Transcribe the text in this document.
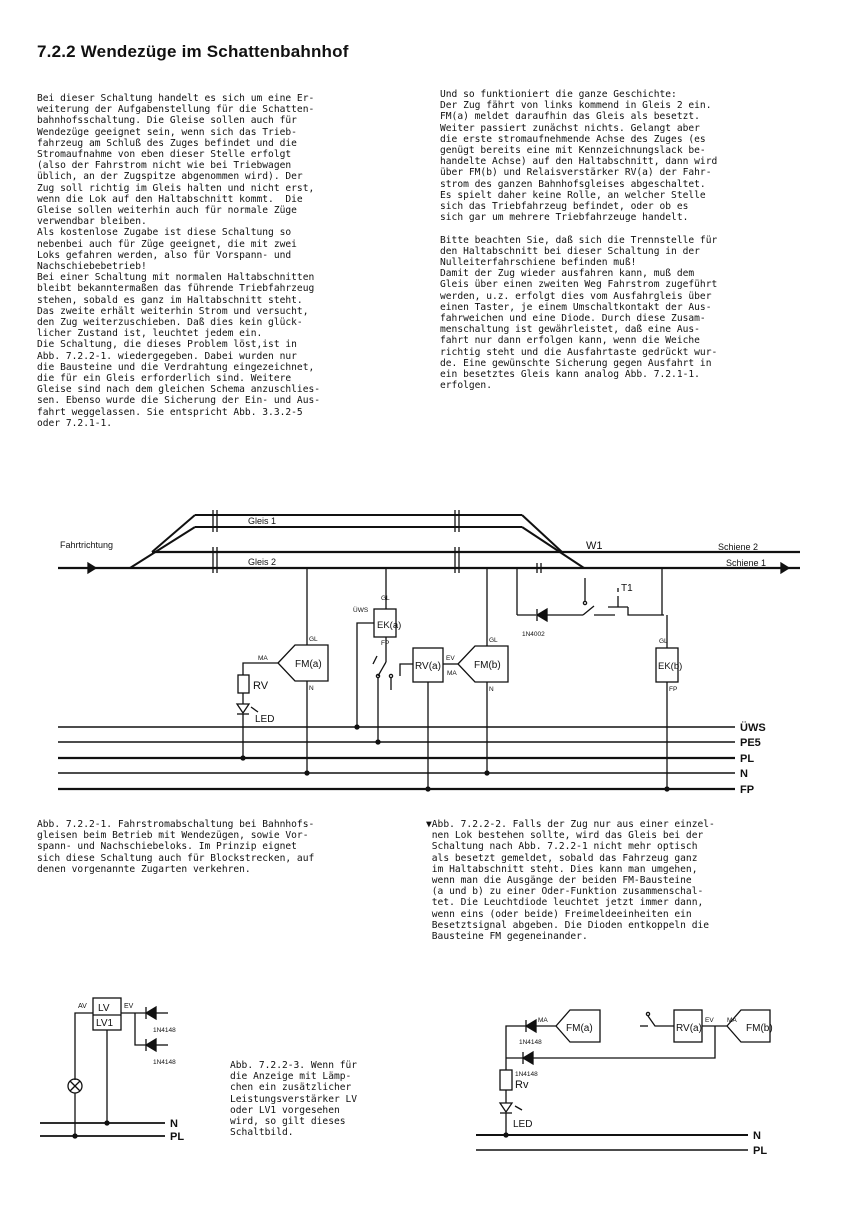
7.2.2 Wendezüge im Schattenbahnhof

Bei dieser Schaltung handelt es sich um eine Er-

weiterung der Aufgabenstellung für die Schatten-

bahnhofsschaltung. Die Gleise sollen auch für

Wendezüge geeignet sein, wenn sich das Trieb-

fahrzeug am Schluß des Zuges befindet und die

Stromaufnahme von eben dieser Stelle erfolgt

(also der Fahrstrom nicht wie bei Triebwagen

üblich, an der Zugspitze abgenommen wird). Der

Zug soll richtig im Gleis halten und nicht erst,

wenn die Lok auf den Haltabschnitt kommt.  Die

Gleise sollen weiterhin auch für normale Züge

verwendbar bleiben.

Als kostenlose Zugabe ist diese Schaltung so

nebenbei auch für Züge geeignet, die mit zwei

Loks gefahren werden, also für Vorspann- und

Nachschiebebetrieb!

Bei einer Schaltung mit normalen Haltabschnitten

bleibt bekanntermaßen das führende Triebfahrzeug

stehen, sobald es ganz im Haltabschnitt steht.

Das zweite erhält weiterhin Strom und versucht,

den Zug weiterzuschieben. Daß dies kein glück-

licher Zustand ist, leuchtet jedem ein.

Die Schaltung, die dieses Problem löst,ist in

Abb. 7.2.2-1. wiedergegeben. Dabei wurden nur

die Bausteine und die Verdrahtung eingezeichnet,

die für ein Gleis erforderlich sind. Weitere

Gleise sind nach dem gleichen Schema anzuschlies-

sen. Ebenso wurde die Sicherung der Ein- und Aus-

fahrt weggelassen. Sie entspricht Abb. 3.3.2-5

oder 7.2.1-1.

Und so funktioniert die ganze Geschichte:

Der Zug fährt von links kommend in Gleis 2 ein.

FM(a) meldet daraufhin das Gleis als besetzt.

Weiter passiert zunächst nichts. Gelangt aber

die erste stromaufnehmende Achse des Zuges (es

genügt bereits eine mit Kennzeichnungslack be-

handelte Achse) auf den Haltabschnitt, dann wird

über FM(b) und Relaisverstärker RV(a) der Fahr-

strom des ganzen Bahnhofsgleises abgeschaltet.

Es spielt daher keine Rolle, an welcher Stelle

sich das Triebfahrzeug befindet, oder ob es

sich gar um mehrere Triebfahrzeuge handelt.

Bitte beachten Sie, daß sich die Trennstelle für

den Haltabschnitt bei dieser Schaltung in der

Nulleiterfahrschiene befinden muß!

Damit der Zug wieder ausfahren kann, muß dem

Gleis über einen zweiten Weg Fahrstrom zugeführt

werden, u.z. erfolgt dies vom Ausfahrgleis über

einen Taster, je einem Umschaltkontakt der Aus-

fahrweichen und eine Diode. Durch diese Zusam-

menschaltung ist gewährleistet, daß eine Aus-

fahrt nur dann erfolgen kann, wenn die Weiche

richtig steht und die Ausfahrtaste gedrückt wur-

de. Eine gewünschte Sicherung gegen Ausfahrt in

ein besetztes Gleis kann analog Abb. 7.2.1-1.

erfolgen.

Abb. 7.2.2-1. Fahrstromabschaltung bei Bahnhofs-

gleisen beim Betrieb mit Wendezügen, sowie Vor-

spann- und Nachschiebeloks. Im Prinzip eignet

sich diese Schaltung auch für Blockstrecken, auf

denen vorgenannte Zugarten verkehren.

▼Abb. 7.2.2-2. Falls der Zug nur aus einer einzel-

nen Lok bestehen sollte, wird das Gleis bei der

Schaltung nach Abb. 7.2.2-1 nicht mehr optisch

als besetzt gemeldet, sobald das Fahrzeug ganz

im Haltabschnitt steht. Dies kann man umgehen,

wenn man die Ausgänge der beiden FM-Bausteine

(a und b) zu einer Oder-Funktion zusammenschal-

tet. Die Leuchtdiode leuchtet jetzt immer dann,

wenn eins (oder beide) Freimeldeeinheiten ein

Besetztsignal abgeben. Die Dioden entkoppeln die

Bausteine FM gegeneinander.

Abb. 7.2.2-3. Wenn für

die Anzeige mit Lämp-

chen ein zusätzlicher

Leistungsverstärker LV

oder LV1 vorgesehen

wird, so gilt dieses

Schaltbild.

Fahrtrichtung
Gleis 1
Gleis 2
W1	Schiene 2
Schiene 1
T1
1N4002
ÜWS
GL
EK(a)
FP
GL
MA
FM(a)
N
RV
LED
RV(a)
EV
MA
FM(b)
GL
N
GL
EK(b)
FP
ÜWS
PE5
PL
N
FP
AV LV
LV1
EV
1N4148
1N4148
N
PL
FM(a)	FM(b)
RV(a)
MA	MA
EV
1N4148
1N4148
Rv
LED
N
PL
